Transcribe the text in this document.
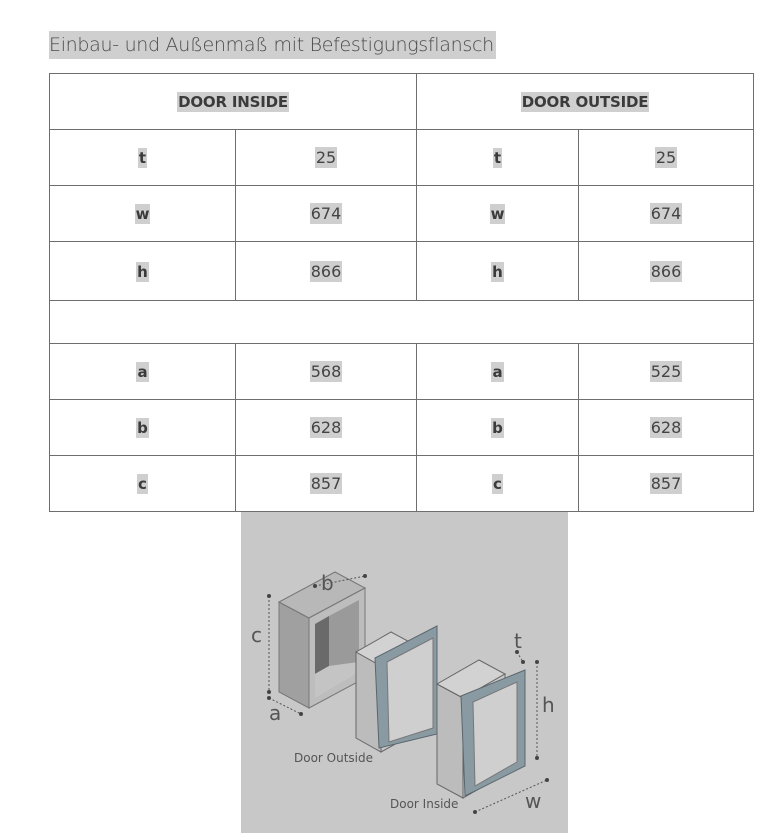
Einbau- und Außenmaß mit Befestigungsflansch
DOOR INSIDE		DOOR OUTSIDE	
t	25	t	25
w	674	w	674
h	866	h	866

a	568	a	525
b	628	b	628
c	857	c	857
b
c
a
t
h
w
Door Outside
Door Inside
